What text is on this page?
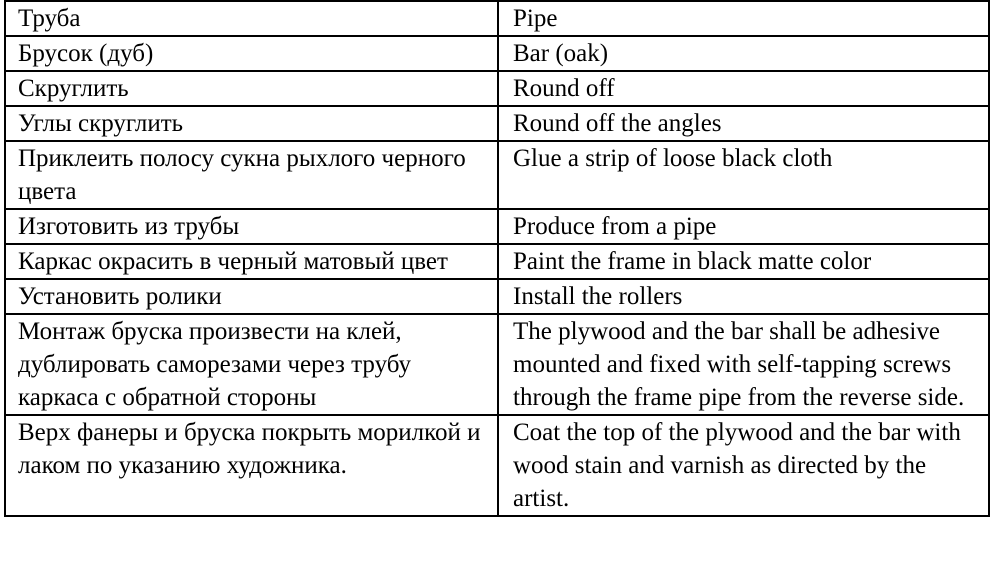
Труба	Pipe

Брусок (дуб)	Bar (oak)

Скруглить	Round off

Углы скруглить	Round off the angles

Приклеить полосу сукна рыхлого черного цвета	Glue a strip of loose black cloth

Изготовить из трубы	Produce from a pipe

Каркас окрасить в черный матовый цвет	Paint the frame in black matte color

Установить ролики	Install the rollers

Монтаж бруска произвести на клей, дублировать саморезами через трубу каркаса с обратной стороны	The plywood and the bar shall be adhesive mounted and fixed with self-tapping screws through the frame pipe from the reverse side.

Верх фанеры и бруска покрыть морилкой и лаком по указанию художника.	Coat the top of the plywood and the bar with wood stain and varnish as directed by the artist.
